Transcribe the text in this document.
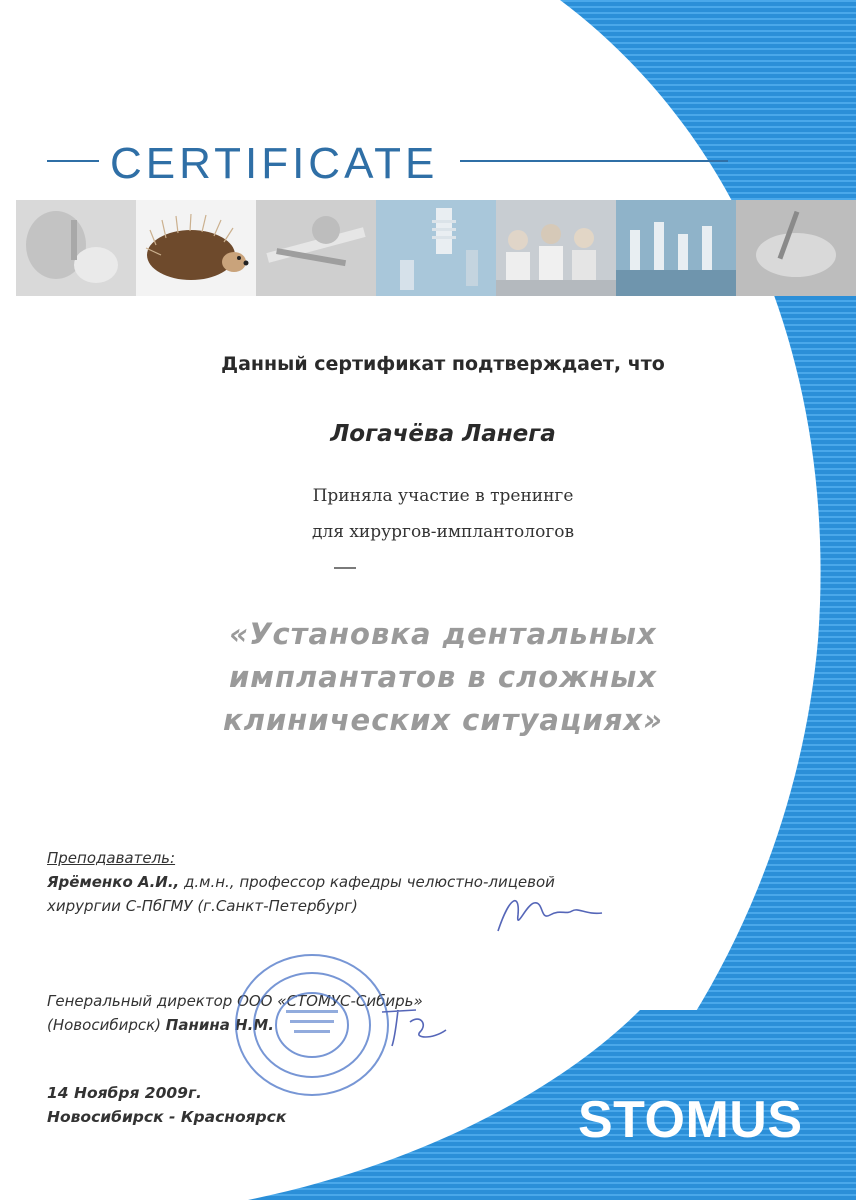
CERTIFICATE
Данный сертификат подтверждает, что
Логачёва Ланега
Приняла участие в тренинге
для хирургов-имплантологов
«Установка дентальных
имплантатов в сложных
клинических ситуациях»
Преподаватель:
Ярёменко А.И., д.м.н., профессор кафедры челюстно-лицевой
хирургии С-ПбГМУ (г.Санкт-Петербург)
Генеральный директор ООО «СТОМУС-Сибирь»
(Новосибирск) Панина Н.М.
14 Ноября 2009г.
Новосибирск - Красноярск	STOMUS
